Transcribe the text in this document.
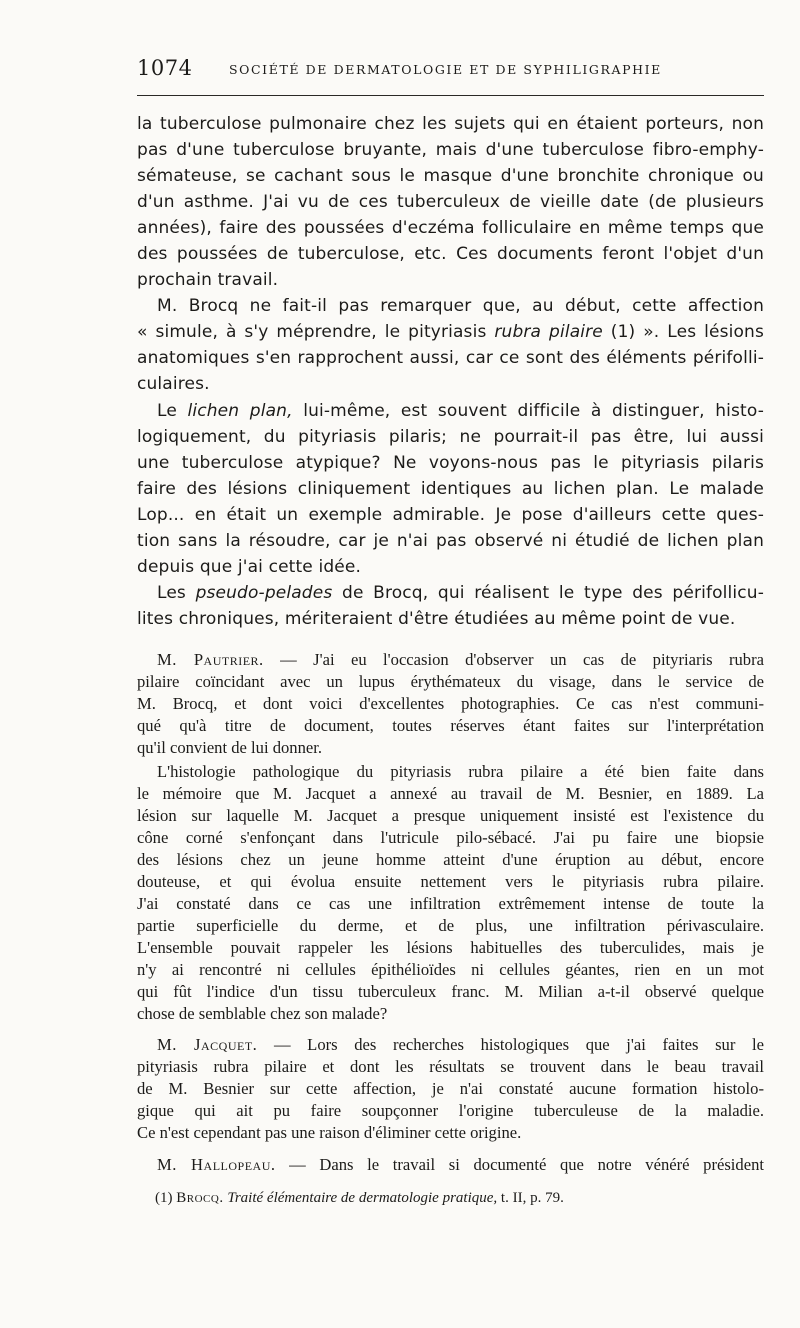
1074	SOCIÉTÉ DE DERMATOLOGIE ET DE SYPHILIGRAPHIE
la tuberculose pulmonaire chez les sujets qui en étaient porteurs, non
pas d'une tuberculose bruyante, mais d'une tuberculose fibro-emphy-
sémateuse, se cachant sous le masque d'une bronchite chronique ou
d'un asthme. J'ai vu de ces tuberculeux de vieille date (de plusieurs
années), faire des poussées d'eczéma folliculaire en même temps que
des poussées de tuberculose, etc. Ces documents feront l'objet d'un
prochain travail.
M. Brocq ne fait-il pas remarquer que, au début, cette affection
« simule, à s'y méprendre, le pityriasis rubra pilaire (1) ». Les lésions
anatomiques s'en rapprochent aussi, car ce sont des éléments périfolli-
culaires.
Le lichen plan, lui-même, est souvent difficile à distinguer, histo-
logiquement, du pityriasis pilaris; ne pourrait-il pas être, lui aussi
une tuberculose atypique? Ne voyons-nous pas le pityriasis pilaris
faire des lésions cliniquement identiques au lichen plan. Le malade
Lop... en était un exemple admirable. Je pose d'ailleurs cette ques-
tion sans la résoudre, car je n'ai pas observé ni étudié de lichen plan
depuis que j'ai cette idée.
Les pseudo-pelades de Brocq, qui réalisent le type des périfollicu-
lites chroniques, mériteraient d'être étudiées au même point de vue.
M. Pautrier. — J'ai eu l'occasion d'observer un cas de pityriaris rubra
pilaire coïncidant avec un lupus érythémateux du visage, dans le service de
M. Brocq, et dont voici d'excellentes photographies. Ce cas n'est communi-
qué qu'à titre de document, toutes réserves étant faites sur l'interprétation
qu'il convient de lui donner.
L'histologie pathologique du pityriasis rubra pilaire a été bien faite dans
le mémoire que M. Jacquet a annexé au travail de M. Besnier, en 1889. La
lésion sur laquelle M. Jacquet a presque uniquement insisté est l'existence du
cône corné s'enfonçant dans l'utricule pilo-sébacé. J'ai pu faire une biopsie
des lésions chez un jeune homme atteint d'une éruption au début, encore
douteuse, et qui évolua ensuite nettement vers le pityriasis rubra pilaire.
J'ai constaté dans ce cas une infiltration extrêmement intense de toute la
partie superficielle du derme, et de plus, une infiltration périvasculaire.
L'ensemble pouvait rappeler les lésions habituelles des tuberculides, mais je
n'y ai rencontré ni cellules épithélioïdes ni cellules géantes, rien en un mot
qui fût l'indice d'un tissu tuberculeux franc. M. Milian a-t-il observé quelque
chose de semblable chez son malade?
M. Jacquet. — Lors des recherches histologiques que j'ai faites sur le
pityriasis rubra pilaire et dont les résultats se trouvent dans le beau travail
de M. Besnier sur cette affection, je n'ai constaté aucune formation histolo-
gique qui ait pu faire soupçonner l'origine tuberculeuse de la maladie.
Ce n'est cependant pas une raison d'éliminer cette origine.
M. Hallopeau. — Dans le travail si documenté que notre vénéré président
(1) Brocq. Traité élémentaire de dermatologie pratique, t. II, p. 79.
